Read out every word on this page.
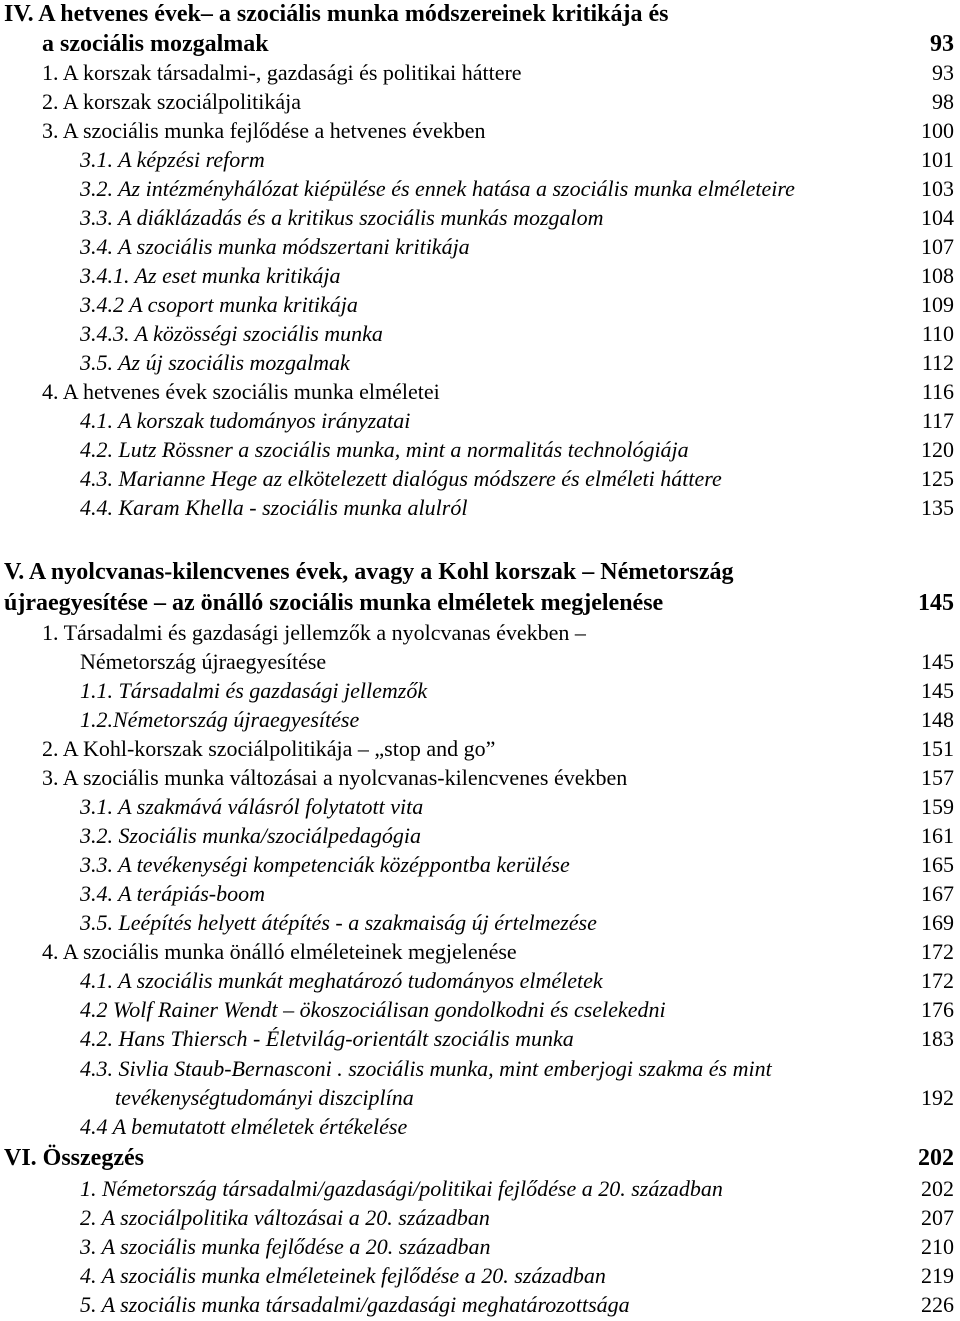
IV. A hetvenes évek– a szociális munka módszereinek kritikája és
a szociális mozgalmak	93
1. A korszak társadalmi-, gazdasági és politikai háttere	93
2. A korszak szociálpolitikája	98
3. A szociális munka fejlődése a hetvenes években	100
3.1. A képzési reform	101
3.2. Az intézményhálózat kiépülése és ennek hatása a szociális munka elméleteire	103
3.3. A diáklázadás és a kritikus szociális munkás mozgalom	104
3.4. A szociális munka módszertani kritikája	107
3.4.1. Az eset munka kritikája	108
3.4.2 A csoport munka kritikája	109
3.4.3. A közösségi szociális munka	110
3.5. Az új szociális mozgalmak	112
4. A hetvenes évek szociális munka elméletei	116
4.1. A korszak tudományos irányzatai	117
4.2. Lutz Rössner a szociális munka, mint a normalitás technológiája	120
4.3. Marianne Hege az elkötelezett dialógus módszere és elméleti háttere	125
4.4. Karam Khella - szociális munka alulról	135
V. A nyolcvanas-kilencvenes évek, avagy a Kohl korszak – Németország
újraegyesítése – az önálló szociális munka elméletek megjelenése	145
1. Társadalmi és gazdasági jellemzők a nyolcvanas években –
Németország újraegyesítése	145
1.1. Társadalmi és gazdasági jellemzők	145
1.2.Németország újraegyesítése	148
2. A Kohl-korszak szociálpolitikája – „stop and go”	151
3. A szociális munka változásai a nyolcvanas-kilencvenes években	157
3.1. A szakmává válásról folytatott vita	159
3.2. Szociális munka/szociálpedagógia	161
3.3. A tevékenységi kompetenciák középpontba kerülése	165
3.4. A terápiás-boom	167
3.5. Leépítés helyett átépítés - a szakmaiság új értelmezése	169
4. A szociális munka önálló elméleteinek megjelenése	172
4.1. A szociális munkát meghatározó tudományos elméletek	172
4.2 Wolf Rainer Wendt – ökoszociálisan gondolkodni és cselekedni	176
4.2. Hans Thiersch - Életvilág-orientált szociális munka	183
4.3. Sivlia Staub-Bernasconi . szociális munka, mint emberjogi szakma és mint
tevékenységtudományi diszciplína	192
4.4 A bemutatott elméletek értékelése
VI. Összegzés	202
1. Németország társadalmi/gazdasági/politikai fejlődése a 20. században	202
2. A szociálpolitika változásai a 20. században	207
3. A szociális munka fejlődése a 20. században	210
4. A szociális munka elméleteinek fejlődése a 20. században	219
5. A szociális munka társadalmi/gazdasági meghatározottsága	226
